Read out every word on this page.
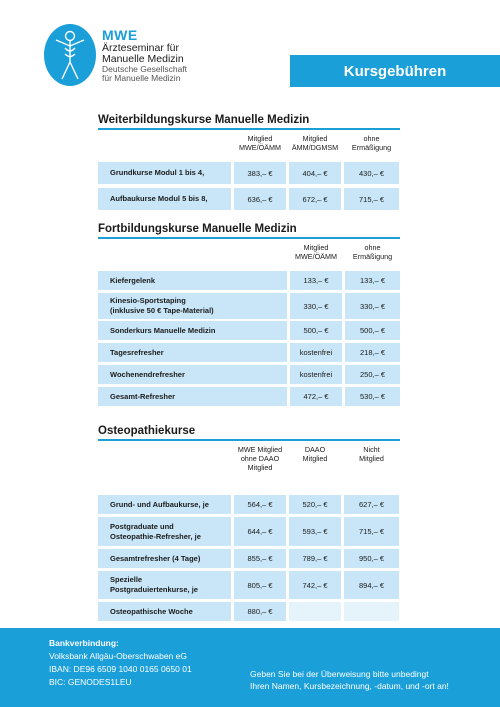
MWE
Ärzteseminar für
Manuelle Medizin
Deutsche Gesellschaft
für Manuelle Medizin	Kursgebühren
Weiterbildungskurse Manuelle Medizin
Mitglied
MWE/ÖÄMM
Mitglied
ÄMM/DGMSM
ohne
Ermäßigung
Grundkurse Modul 1 bis 4,	383,– €	404,– €	430,– €
Aufbaukurse Modul 5 bis 8,	636,– €	672,– €	715,– €
Fortbildungskurse Manuelle Medizin
Mitglied
MWE/ÖÄMM
ohne
Ermäßigung
Kiefergelenk	133,– €	133,– €
Kinesio-Sportstaping
(inklusive 50 € Tape-Material)	330,– €	330,– €
Sonderkurs Manuelle Medizin	500,– €	500,– €
Tagesrefresher	kostenfrei	218,– €
Wochenendrefresher	kostenfrei	250,– €
Gesamt-Refresher	472,– €	530,– €
Osteopathiekurse
MWE Mitglied
ohne DAAO
Mitglied
DAAO
Mitglied
Nicht
Mitglied
Grund- und Aufbaukurse, je	564,– €	520,– €	627,– €
Postgraduate und
Osteopathie-Refresher, je	644,– €	593,– €	715,– €
Gesamtrefresher (4 Tage)	855,– €	789,– €	950,– €
Spezielle
Postgraduiertenkurse, je	805,– €	742,– €	894,– €
Osteopathische Woche	880,– €
Bankverbindung:
Volksbank Allgäu-Oberschwaben eG
IBAN: DE96 6509 1040 0165 0650 01
BIC: GENODES1LEU
Geben Sie bei der Überweisung bitte unbedingt
Ihren Namen, Kursbezeichnung, -datum, und -ort an!
